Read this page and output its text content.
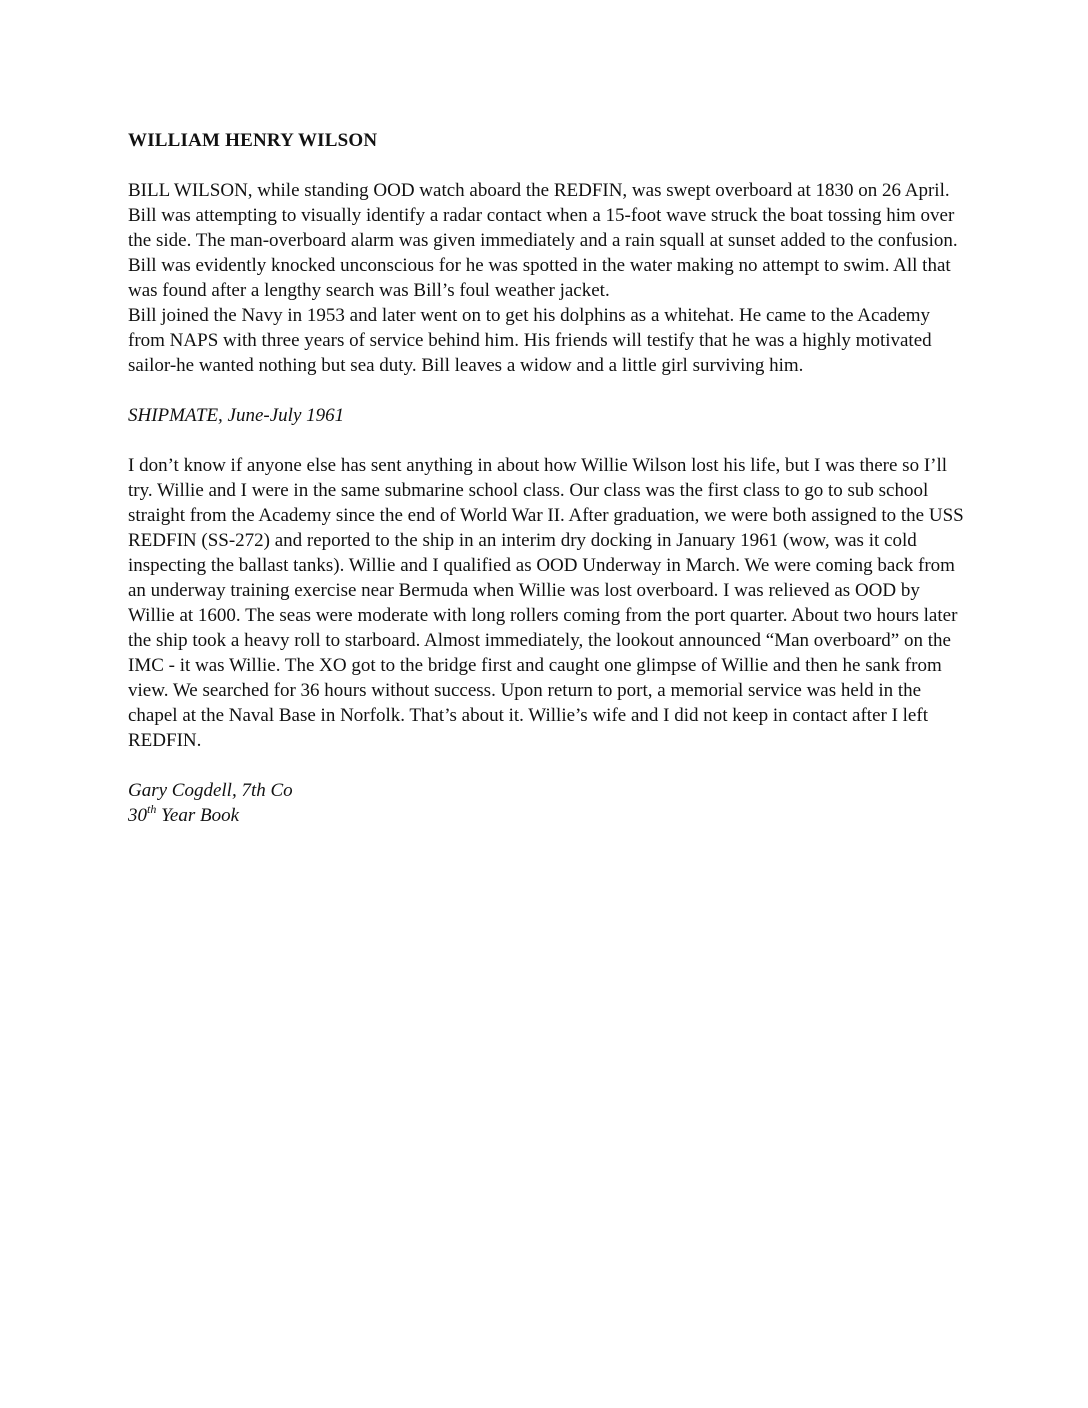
WILLIAM HENRY WILSON

BILL WILSON, while standing OOD watch aboard the REDFIN, was swept overboard at 1830 on 26 April. Bill was attempting to visually identify a radar contact when a 15-foot wave struck the boat tossing him over the side. The man-overboard alarm was given immediately and a rain squall at sunset added to the confusion. Bill was evidently knocked unconscious for he was spotted in the water making no attempt to swim. All that was found after a lengthy search was Bill’s foul weather jacket.

Bill joined the Navy in 1953 and later went on to get his dolphins as a whitehat. He came to the Academy from NAPS with three years of service behind him. His friends will testify that he was a highly motivated sailor-he wanted nothing but sea duty. Bill leaves a widow and a little girl surviving him.

SHIPMATE, June-July 1961

I don’t know if anyone else has sent anything in about how Willie Wilson lost his life, but I was there so I’ll try. Willie and I were in the same submarine school class. Our class was the first class to go to sub school straight from the Academy since the end of World War II. After graduation, we were both assigned to the USS REDFIN (SS-272) and reported to the ship in an interim dry docking in January 1961 (wow, was it cold inspecting the ballast tanks). Willie and I qualified as OOD Underway in March. We were coming back from an underway training exercise near Bermuda when Willie was lost overboard. I was relieved as OOD by Willie at 1600. The seas were moderate with long rollers coming from the port quarter. About two hours later the ship took a heavy roll to starboard. Almost immediately, the lookout announced “Man overboard” on the IMC - it was Willie. The XO got to the bridge first and caught one glimpse of Willie and then he sank from view. We searched for 36 hours without success. Upon return to port, a memorial service was held in the chapel at the Naval Base in Norfolk. That’s about it. Willie’s wife and I did not keep in contact after I left REDFIN.

Gary Cogdell, 7th Co

30th Year Book
